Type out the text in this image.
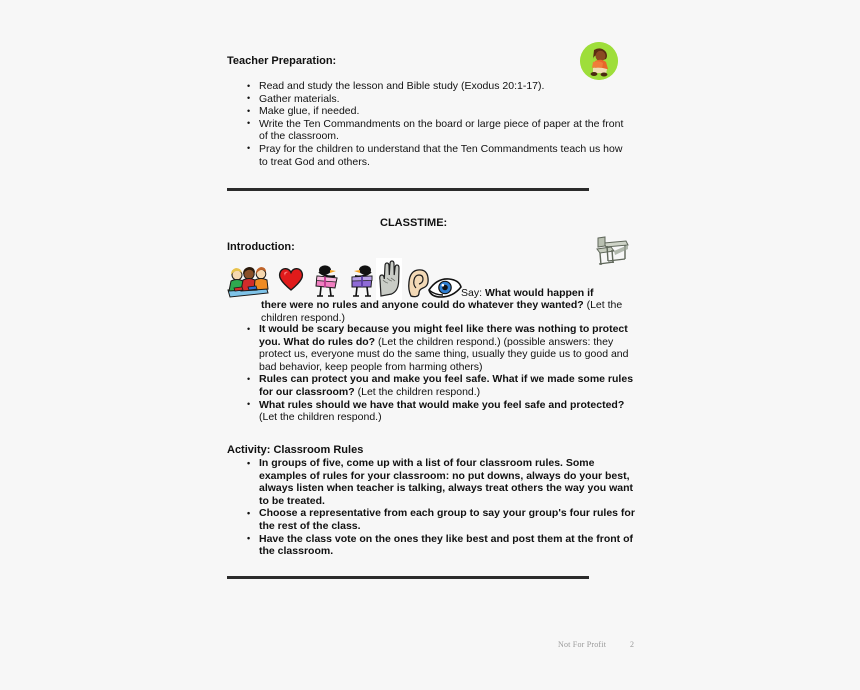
Teacher Preparation:
• Read and study the lesson and Bible study (Exodus 20:1-17).
• Gather materials.
• Make glue, if needed.
• Write the Ten Commandments on the board or large piece of paper at the front of the classroom.
• Pray for the children to understand that the Ten Commandments teach us how to treat God and others.
CLASSTIME:
Introduction:
Say: What would happen if
there were no rules and anyone could do whatever they wanted? (Let the children respond.)
• It would be scary because you might feel like there was nothing to protect you. What do rules do? (Let the children respond.) (possible answers: they protect us, everyone must do the same thing, usually they guide us to good and bad behavior, keep people from harming others)
• Rules can protect you and make you feel safe. What if we made some rules for our classroom? (Let the children respond.)
• What rules should we have that would make you feel safe and protected? (Let the children respond.)
Activity: Classroom Rules
• In groups of five, come up with a list of four classroom rules. Some examples of rules for your classroom: no put downs, always do your best, always listen when teacher is talking, always treat others the way you want to be treated.
• Choose a representative from each group to say your group's four rules for the rest of the class.
• Have the class vote on the ones they like best and post them at the front of the classroom.
Not For Profit	2
